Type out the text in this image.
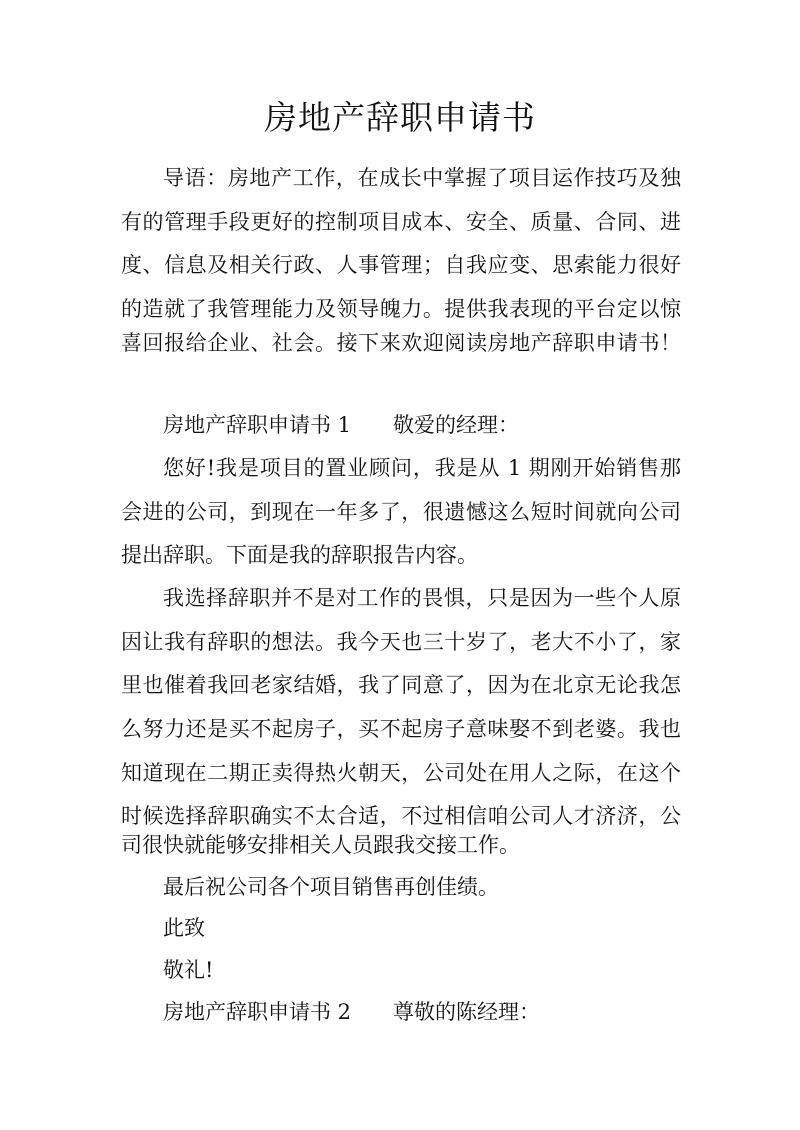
房地产辞职申请书
导语：房地产工作，在成长中掌握了项目运作技巧及独
有的管理手段更好的控制项目成本、安全、质量、合同、进
度、信息及相关行政、人事管理；自我应变、思索能力很好
的造就了我管理能力及领导魄力。提供我表现的平台定以惊
喜回报给企业、社会。接下来欢迎阅读房地产辞职申请书！
房地产辞职申请书 1 敬爱的经理：
您好!我是项目的置业顾问，我是从 1 期刚开始销售那
会进的公司，到现在一年多了，很遗憾这么短时间就向公司
提出辞职。下面是我的辞职报告内容。
我选择辞职并不是对工作的畏惧，只是因为一些个人原
因让我有辞职的想法。我今天也三十岁了，老大不小了，家
里也催着我回老家结婚，我了同意了，因为在北京无论我怎
么努力还是买不起房子，买不起房子意味娶不到老婆。我也
知道现在二期正卖得热火朝天，公司处在用人之际，在这个
时候选择辞职确实不太合适，不过相信咱公司人才济济，公
司很快就能够安排相关人员跟我交接工作。
最后祝公司各个项目销售再创佳绩。
此致
敬礼!
房地产辞职申请书 2 尊敬的陈经理：
